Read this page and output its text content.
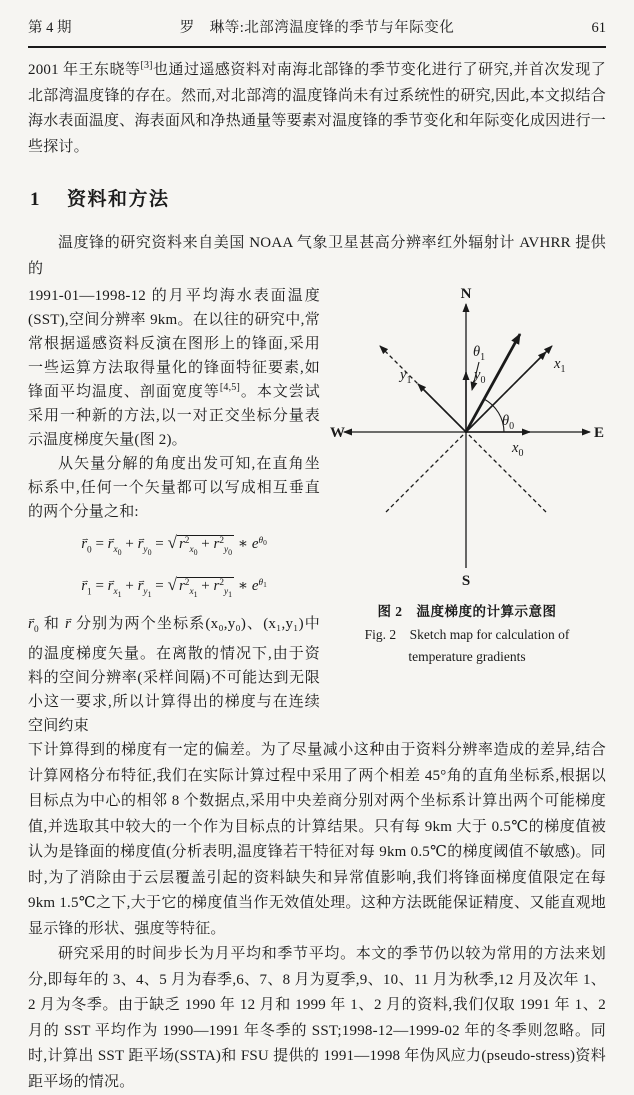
第 4 期	罗　琳等:北部湾温度锋的季节与年际变化	61

2001 年王东晓等[3]也通过遥感资料对南海北部锋的季节变化进行了研究,并首次发现了北部湾温度锋的存在。然而,对北部湾的温度锋尚未有过系统性的研究,因此,本文拟结合海水表面温度、海表面风和净热通量等要素对温度锋的季节变化和年际变化成因进行一些探讨。

1 资料和方法

温度锋的研究资料来自美国 NOAA 气象卫星甚高分辨率红外辐射计 AVHRR 提供的

1991-01—1998-12 的月平均海水表面温度(SST),空间分辨率 9km。在以往的研究中,常常根据遥感资料反演在图形上的锋面,采用一些运算方法取得量化的锋面特征要素,如锋面平均温度、剖面宽度等[4,5]。本文尝试采用一种新的方法,以一对正交坐标分量表示温度梯度矢量(图 2)。

从矢量分解的角度出发可知,在直角坐标系中,任何一个矢量都可以写成相互垂直的两个分量之和:

r $⇀_0 = r$ $⇀_{x_0} + r$ $⇀_{y_0}$ = √ $r^2_{x_0} + r^2_{y_0}$ ∗ $e^{\theta_0}$
r $⇀_1 = r$ $⇀_{x_1} + r$ $⇀_{y_1}$ = √ $r^2_{x_1} + r^2_{y_1}$ ∗ $e^{\theta_1}$

r $⇀_0$ 和 r ⇀ 分别为两个坐标系(x₀,y₀)、(x₁,y₁)中的温度梯度矢量。在离散的情况下,由于资料的空间分辨率(采样间隔)不可能达到无限小这一要求,所以计算得出的梯度与在连续空间约束

N
S
W	E
$y_0$
$x_0$
$x_1$
$y_1$
$\theta_0$
$\theta_1$
图 2　温度梯度的计算示意图
Fig. 2　Sketch map for calculation of
temperature gradients

下计算得到的梯度有一定的偏差。为了尽量减小这种由于资料分辨率造成的差异,结合计算网格分布特征,我们在实际计算过程中采用了两个相差 45°角的直角坐标系,根据以目标点为中心的相邻 8 个数据点,采用中央差商分别对两个坐标系计算出两个可能梯度值,并选取其中较大的一个作为目标点的计算结果。只有每 9km 大于 0.5℃的梯度值被认为是锋面的梯度值(分析表明,温度锋若干特征对每 9km 0.5℃的梯度阈值不敏感)。同时,为了消除由于云层覆盖引起的资料缺失和异常值影响,我们将锋面梯度值限定在每 9km 1.5℃之下,大于它的梯度值当作无效值处理。这种方法既能保证精度、又能直观地显示锋的形状、强度等特征。

研究采用的时间步长为月平均和季节平均。本文的季节仍以较为常用的方法来划分,即每年的 3、4、5 月为春季,6、7、8 月为夏季,9、10、11 月为秋季,12 月及次年 1、2 月为冬季。由于缺乏 1990 年 12 月和 1999 年 1、2 月的资料,我们仅取 1991 年 1、2 月的 SST 平均作为 1990—1991 年冬季的 SST;1998-12—1999-02 年的冬季则忽略。同时,计算出 SST 距平场(SSTA)和 FSU 提供的 1991—1998 年伪风应力(pseudo-stress)资料距平场的情况。
